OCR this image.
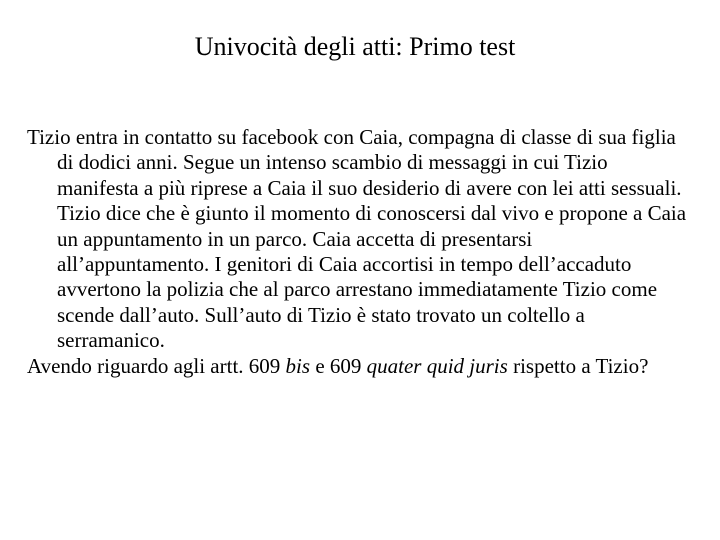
Univocità degli atti: Primo test

Tizio entra in contatto su facebook con Caia, compagna di classe di sua figlia di dodici anni. Segue un intenso scambio di messaggi in cui Tizio manifesta a più riprese a Caia il suo desiderio di avere con lei atti sessuali. Tizio dice che è giunto il momento di conoscersi dal vivo e propone a Caia un appuntamento in un parco. Caia accetta di presentarsi all’appuntamento. I genitori di Caia accortisi in tempo dell’accaduto avvertono la polizia che al parco arrestano immediatamente Tizio come scende dall’auto. Sull’auto di Tizio è stato trovato un coltello a serramanico.

Avendo riguardo agli artt. 609 bis e 609 quater quid juris rispetto a Tizio?
